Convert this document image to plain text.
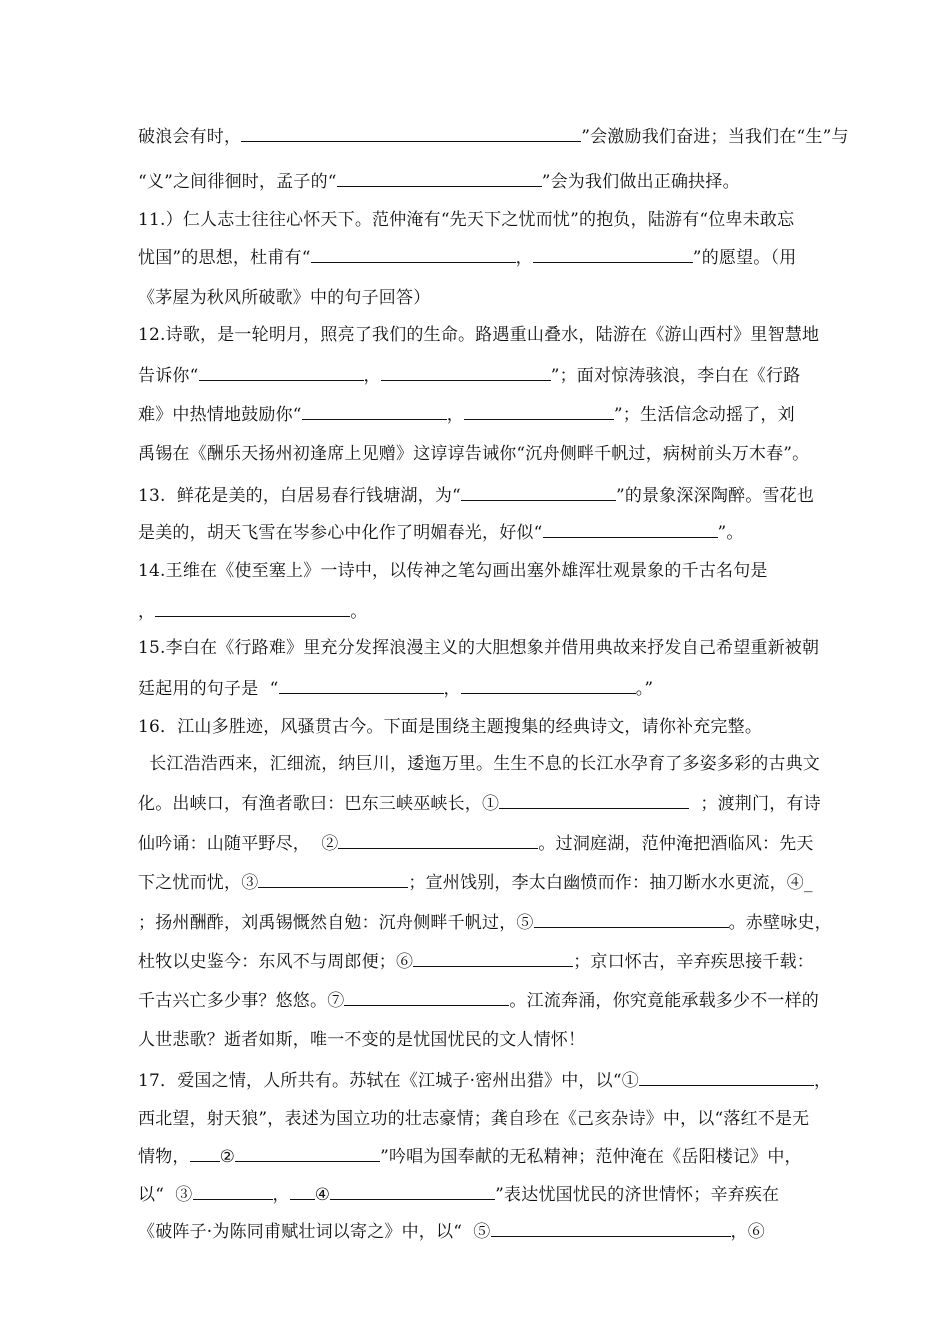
破浪会有时，	”会激励我们奋进；当我们在“生”与
“义”之间徘徊时，孟子的“	”会为我们做出正确抉择。
11.）仁人志士往往心怀天下。范仲淹有“先天下之忧而忧”的抱负，陆游有“位卑未敢忘
忧国”的思想，杜甫有“	，	”的愿望。（用
《茅屋为秋风所破歌》中的句子回答）
12.诗歌，是一轮明月，照亮了我们的生命。路遇重山叠水，陆游在《游山西村》里智慧地
告诉你“	，	”；面对惊涛骇浪，李白在《行路
难》中热情地鼓励你“	，	”；生活信念动摇了，刘
禹锡在《酬乐天扬州初逢席上见赠》这谆谆告诫你“沉舟侧畔千帆过，病树前头万木春”。
13.  鲜花是美的，白居易春行钱塘湖，为“	”的景象深深陶醉。雪花也
是美的，胡天飞雪在岑参心中化作了明媚春光，好似“	”。
14.王维在《使至塞上》一诗中，以传神之笔勾画出塞外雄浑壮观景象的千古名句是
，	。
15.李白在《行路难》里充分发挥浪漫主义的大胆想象并借用典故来抒发自己希望重新被朝
廷起用的句子是  “	，	。”
16．江山多胜迹，风骚贯古今。下面是围绕主题搜集的经典诗文，请你补充完整。
长江浩浩西来，汇细流，纳巨川，逶迤万里。生生不息的长江水孕育了多姿多彩的古典文
化。出峡口，有渔者歌曰：巴东三峡巫峡长，①	；渡荆门，有诗
仙吟诵：山随平野尽，  ②	。过洞庭湖，范仲淹把酒临风：先天
下之忧而忧，③	；宣州饯别，李太白幽愤而作：抽刀断水水更流，④_
；扬州酬酢，刘禹锡慨然自勉：沉舟侧畔千帆过，⑤	。赤壁咏史，
杜牧以史鉴今：东风不与周郎便；⑥	；京口怀古，辛弃疾思接千载：
千古兴亡多少事？悠悠。⑦	。江流奔涌，你究竟能承载多少不一样的
人世悲歌？逝者如斯，唯一不变的是忧国忧民的文人情怀！
17．爱国之情，人所共有。苏轼在《江城子·密州出猎》中，以“①	，
西北望，射天狼”，表述为国立功的壮志豪情；龚自珍在《己亥杂诗》中，以“落红不是无
情物， ②	”吟唱为国奉献的无私精神；范仲淹在《岳阳楼记》中，
以“  ③	， ④	”表达忧国忧民的济世情怀；辛弃疾在
《破阵子·为陈同甫赋壮词以寄之》中，以“  ⑤	，⑥
